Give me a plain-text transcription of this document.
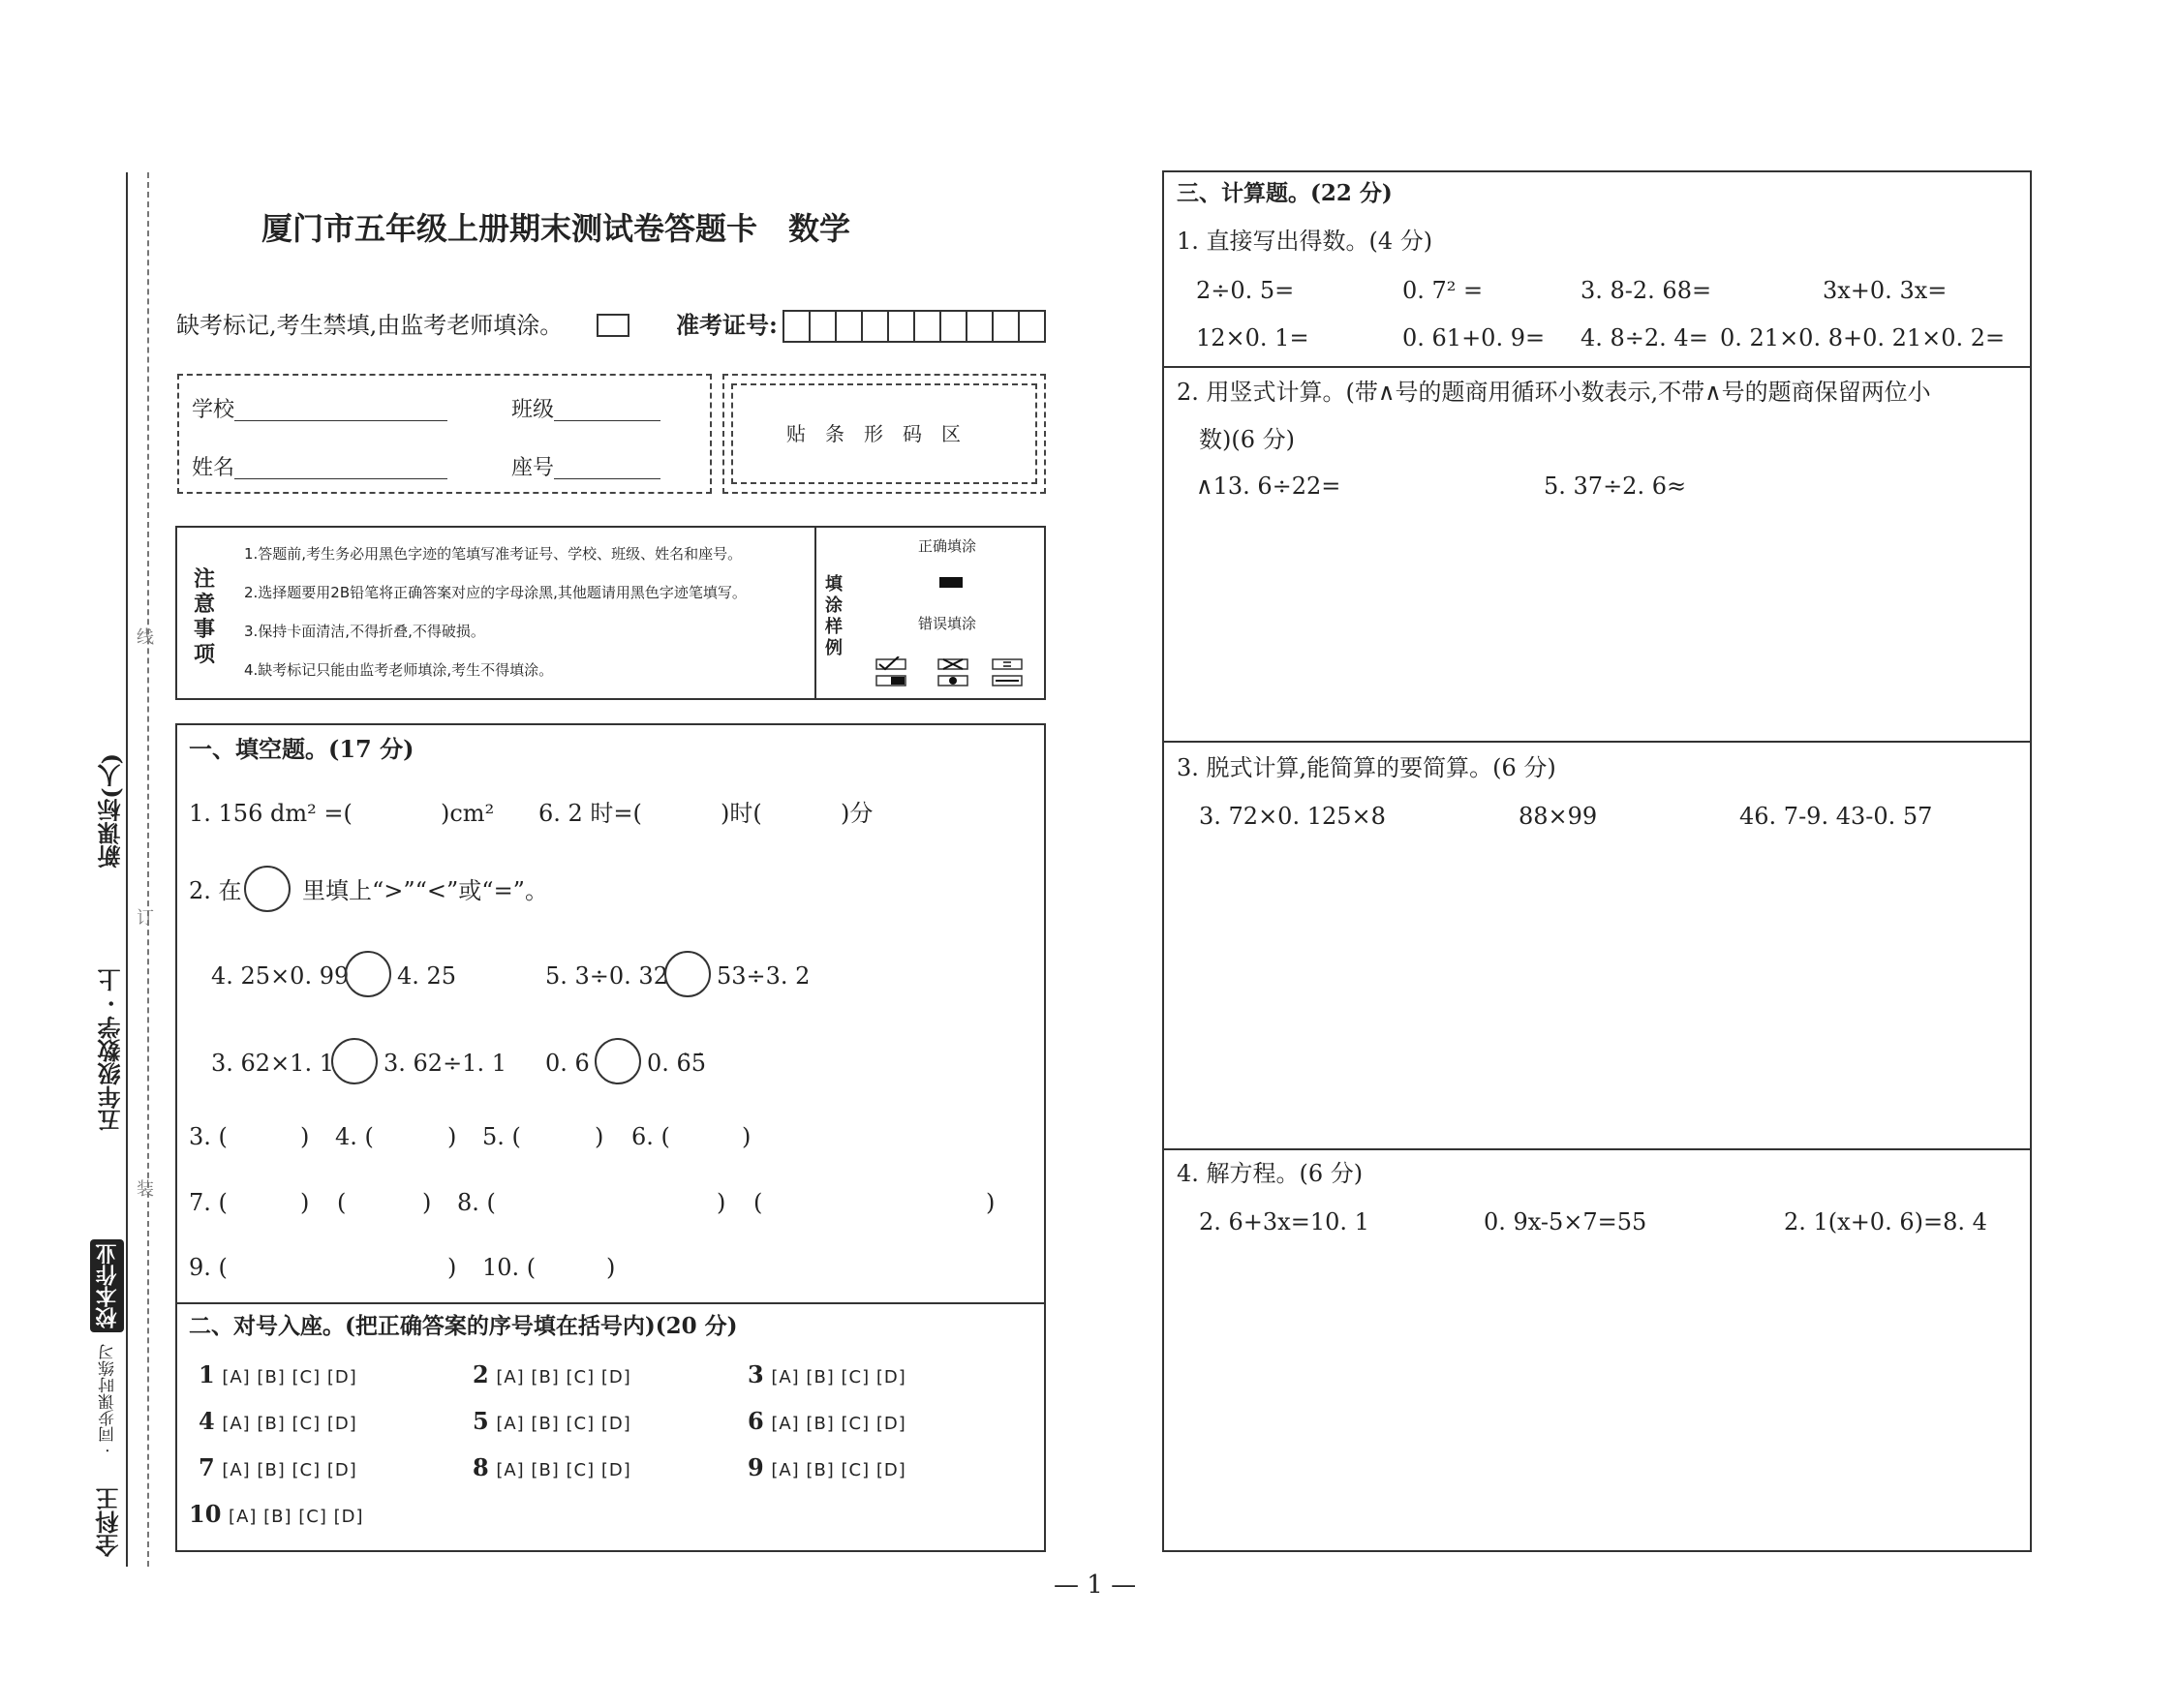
线
订
装
新课标(人)
五年级数学 · 上
全科王
· 同步课时练习
校本作业
厦门市五年级上册期末测试卷答题卡　数学
缺考标记,考生禁填,由监考老师填涂。	准考证号:
学校	班级
姓名	座号
贴　条　形　码　区
注意事项
1.答题前,考生务必用黑色字迹的笔填写准考证号、学校、班级、姓名和座号。
2.选择题要用2B铅笔将正确答案对应的字母涂黑,其他题请用黑色字迹笔填写。
3.保持卡面清洁,不得折叠,不得破损。
4.缺考标记只能由监考老师填涂,考生不得填涂。
填涂样例
正确填涂
错误填涂
一、填空题。(17 分)
1. 156 dm² =(	)cm² 6. 2 时=(	)时(	)分
2. 在	里填上“>”“<”或“=”。
4. 25×0. 99 4. 25	5. 3÷0. 32 53÷3. 2
3. 62×1. 1 3. 62÷1. 1 0. 6̇ 0. 6̇5̇
3. (	) 4. (	) 5. (	) 6. (	)
7. (	) (	) 8. (	) (	)
9. (	) 10. (	)
二、对号入座。(把正确答案的序号填在括号内)(20 分)
1 [A] [B] [C] [D]	2 [A] [B] [C] [D]	3 [A] [B] [C] [D]
4 [A] [B] [C] [D]	5 [A] [B] [C] [D]	6 [A] [B] [C] [D]
7 [A] [B] [C] [D]	8 [A] [B] [C] [D]	9 [A] [B] [C] [D]
10 [A] [B] [C] [D]
三、计算题。(22 分)
1. 直接写出得数。(4 分)
2÷0. 5=	0. 7² =	3. 8-2. 68=	3x+0. 3x=
12×0. 1=	0. 61+0. 9= 4. 8÷2. 4= 0. 21×0. 8+0. 21×0. 2=
2. 用竖式计算。(带∧号的题商用循环小数表示,不带∧号的题商保留两位小
数)(6 分)
∧13. 6÷22=	5. 37÷2. 6≈
3. 脱式计算,能简算的要简算。(6 分)
3. 72×0. 125×8	88×99	46. 7-9. 43-0. 57
4. 解方程。(6 分)
2. 6+3x=10. 1	0. 9x-5×7=55	2. 1(x+0. 6)=8. 4
— 1 —
